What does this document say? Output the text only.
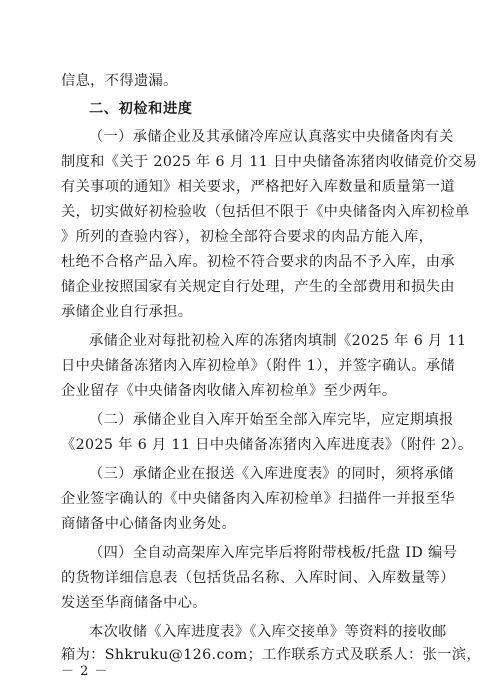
信息，不得遗漏。
二、初检和进度
（一）承储企业及其承储冷库应认真落实中央储备肉有关
制度和《关于 2025 年 6 月 11 日中央储备冻猪肉收储竞价交易
有关事项的通知》相关要求，严格把好入库数量和质量第一道
关，切实做好初检验收（包括但不限于《中央储备肉入库初检单
》所列的查验内容），初检全部符合要求的肉品方能入库，
杜绝不合格产品入库。初检不符合要求的肉品不予入库，由承
储企业按照国家有关规定自行处理，产生的全部费用和损失由
承储企业自行承担。
承储企业对每批初检入库的冻猪肉填制《2025 年 6 月 11
日中央储备冻猪肉入库初检单》（附件 1），并签字确认。承储
企业留存《中央储备肉收储入库初检单》至少两年。
（二）承储企业自入库开始至全部入库完毕，应定期填报
《2025 年 6 月 11 日中央储备冻猪肉入库进度表》（附件 2）。
（三）承储企业在报送《入库进度表》的同时，须将承储
企业签字确认的《中央储备肉入库初检单》扫描件一并报至华
商储备中心储备肉业务处。
（四）全自动高架库入库完毕后将附带栈板/托盘 ID 编号
的货物详细信息表（包括货品名称、入库时间、入库数量等）
发送至华商储备中心。
本次收储《入库进度表》《入库交接单》等资料的接收邮
箱为：Shkruku@126.com；工作联系方式及联系人：张一滨，
－ 2 －
